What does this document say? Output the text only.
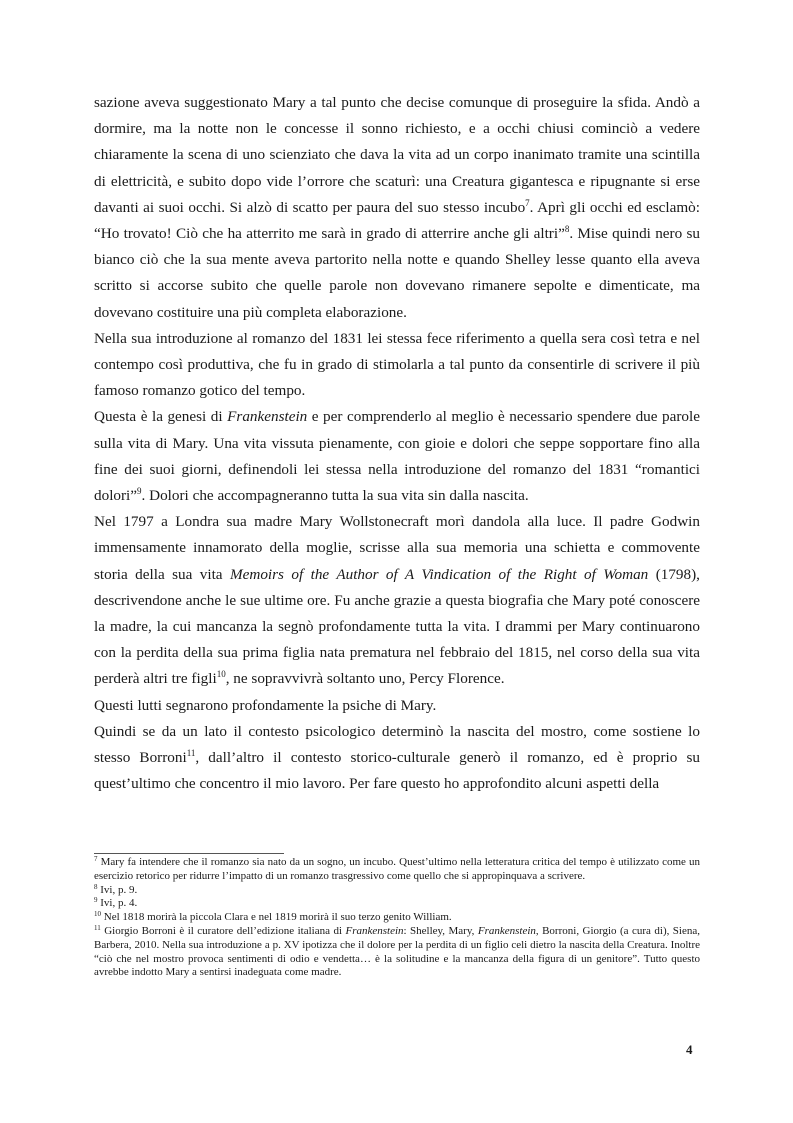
sazione aveva suggestionato Mary a tal punto che decise comunque di proseguire la sfida. Andò a dormire, ma la notte non le concesse il sonno richiesto, e a occhi chiusi cominciò a vedere chiaramente la scena di uno scienziato che dava la vita ad un corpo inanimato tramite una scintilla di elettricità, e subito dopo vide l’orrore che scaturì: una Creatura gigantesca e ripugnante si erse davanti ai suoi occhi. Si alzò di scatto per paura del suo stesso incubo$^7$. Aprì gli occhi ed esclamò: “Ho trovato! Ciò che ha atterrito me sarà in grado di atterrire anche gli altri”$^8$. Mise quindi nero su bianco ciò che la sua mente aveva partorito nella notte e quando Shelley lesse quanto ella aveva scritto si accorse subito che quelle parole non dovevano rimanere sepolte e dimenticate, ma dovevano costituire una più completa elaborazione.

Nella sua introduzione al romanzo del 1831 lei stessa fece riferimento a quella sera così tetra e nel contempo così produttiva, che fu in grado di stimolarla a tal punto da consentirle di scrivere il più famoso romanzo gotico del tempo.

Questa è la genesi di Frankenstein e per comprenderlo al meglio è necessario spendere due parole sulla vita di Mary. Una vita vissuta pienamente, con gioie e dolori che seppe sopportare fino alla fine dei suoi giorni, definendoli lei stessa nella introduzione del romanzo del 1831 “romantici dolori”$^9$. Dolori che accompagneranno tutta la sua vita sin dalla nascita.

Nel 1797 a Londra sua madre Mary Wollstonecraft morì dandola alla luce. Il padre Godwin immensamente innamorato della moglie, scrisse alla sua memoria una schietta e commovente storia della sua vita Memoirs of the Author of A Vindication of the Right of Woman (1798), descrivendone anche le sue ultime ore. Fu anche grazie a questa biografia che Mary poté conoscere la madre, la cui mancanza la segnò profondamente tutta la vita. I drammi per Mary continuarono con la perdita della sua prima figlia nata prematura nel febbraio del 1815, nel corso della sua vita perderà altri tre figli$^{10}$, ne sopravvivrà soltanto uno, Percy Florence.

Questi lutti segnarono profondamente la psiche di Mary.

Quindi se da un lato il contesto psicologico determinò la nascita del mostro, come sostiene lo stesso Borroni$^{11}$, dall’altro il contesto storico-culturale generò il romanzo, ed è proprio su quest’ultimo che concentro il mio lavoro. Per fare questo ho approfondito alcuni aspetti della

$^7$ Mary fa intendere che il romanzo sia nato da un sogno, un incubo. Quest’ultimo nella letteratura critica del tempo è utilizzato come un esercizio retorico per ridurre l’impatto di un romanzo trasgressivo come quello che si appropinquava a scrivere.

$^8$ Ivi, p. 9.

$^9$ Ivi, p. 4.

$^{10}$ Nel 1818 morirà la piccola Clara e nel 1819 morirà il suo terzo genito William.

$^{11}$ Giorgio Borroni è il curatore dell’edizione italiana di Frankenstein: Shelley, Mary, Frankenstein, Borroni, Giorgio (a cura di), Siena, Barbera, 2010. Nella sua introduzione a p. XV ipotizza che il dolore per la perdita di un figlio celi dietro la nascita della Creatura. Inoltre “ciò che nel mostro provoca sentimenti di odio e vendetta… è la solitudine e la mancanza della figura di un genitore”. Tutto questo avrebbe indotto Mary a sentirsi inadeguata come madre.

4
